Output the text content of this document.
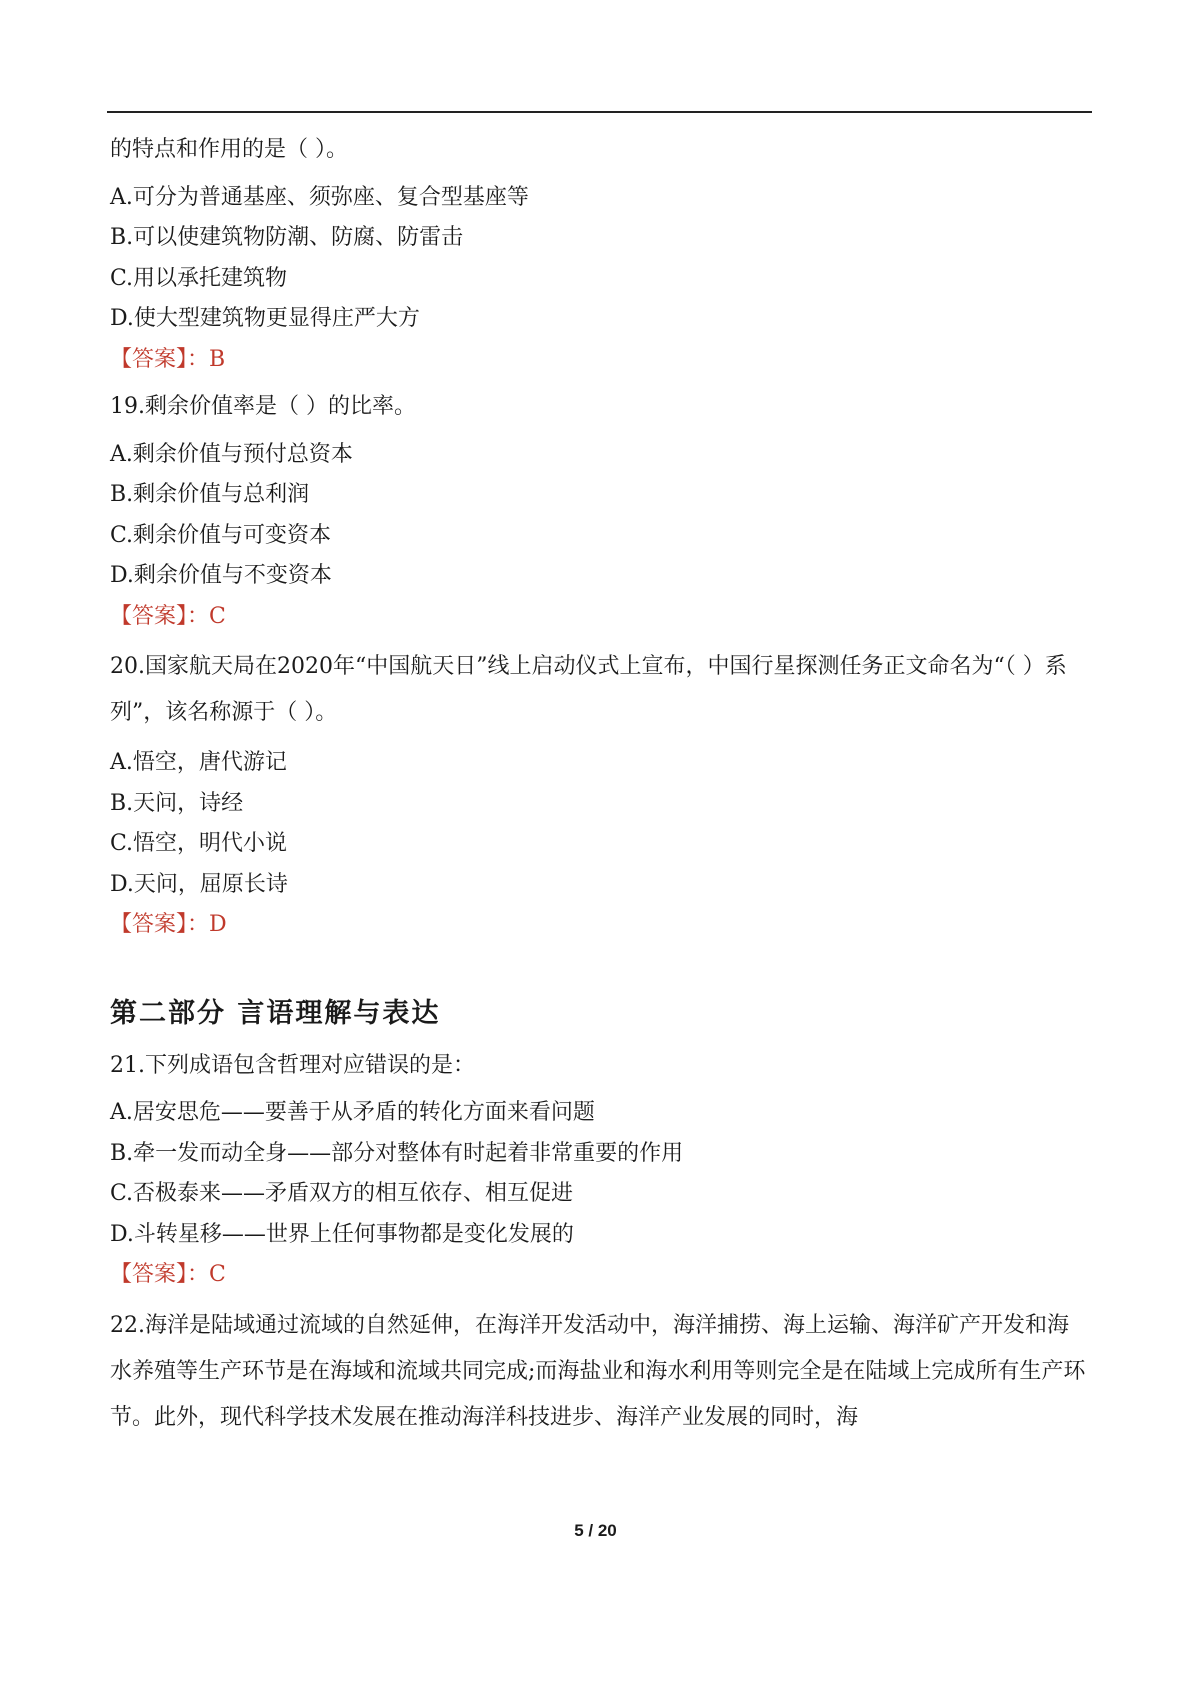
的特点和作用的是（ ）。
A.可分为普通基座、须弥座、复合型基座等
B.可以使建筑物防潮、防腐、防雷击
C.用以承托建筑物
D.使大型建筑物更显得庄严大方
【答案】：B
19.剩余价值率是（ ）的比率。
A.剩余价值与预付总资本
B.剩余价值与总利润
C.剩余价值与可变资本
D.剩余价值与不变资本
【答案】：C
20.国家航天局在2020年“中国航天日”线上启动仪式上宣布，中国行星探测任务正文命名为“（ ）系列”，该名称源于（ ）。
A.悟空，唐代游记
B.天问，诗经
C.悟空，明代小说
D.天问，屈原长诗
【答案】：D
第二部分 言语理解与表达
21.下列成语包含哲理对应错误的是：
A.居安思危——要善于从矛盾的转化方面来看问题
B.牵一发而动全身——部分对整体有时起着非常重要的作用
C.否极泰来——矛盾双方的相互依存、相互促进
D.斗转星移——世界上任何事物都是变化发展的
【答案】：C
22.海洋是陆域通过流域的自然延伸，在海洋开发活动中，海洋捕捞、海上运输、海洋矿产开发和海水养殖等生产环节是在海域和流域共同完成;而海盐业和海水利用等则完全是在陆域上完成所有生产环节。此外，现代科学技术发展在推动海洋科技进步、海洋产业发展的同时，海
5 / 20
